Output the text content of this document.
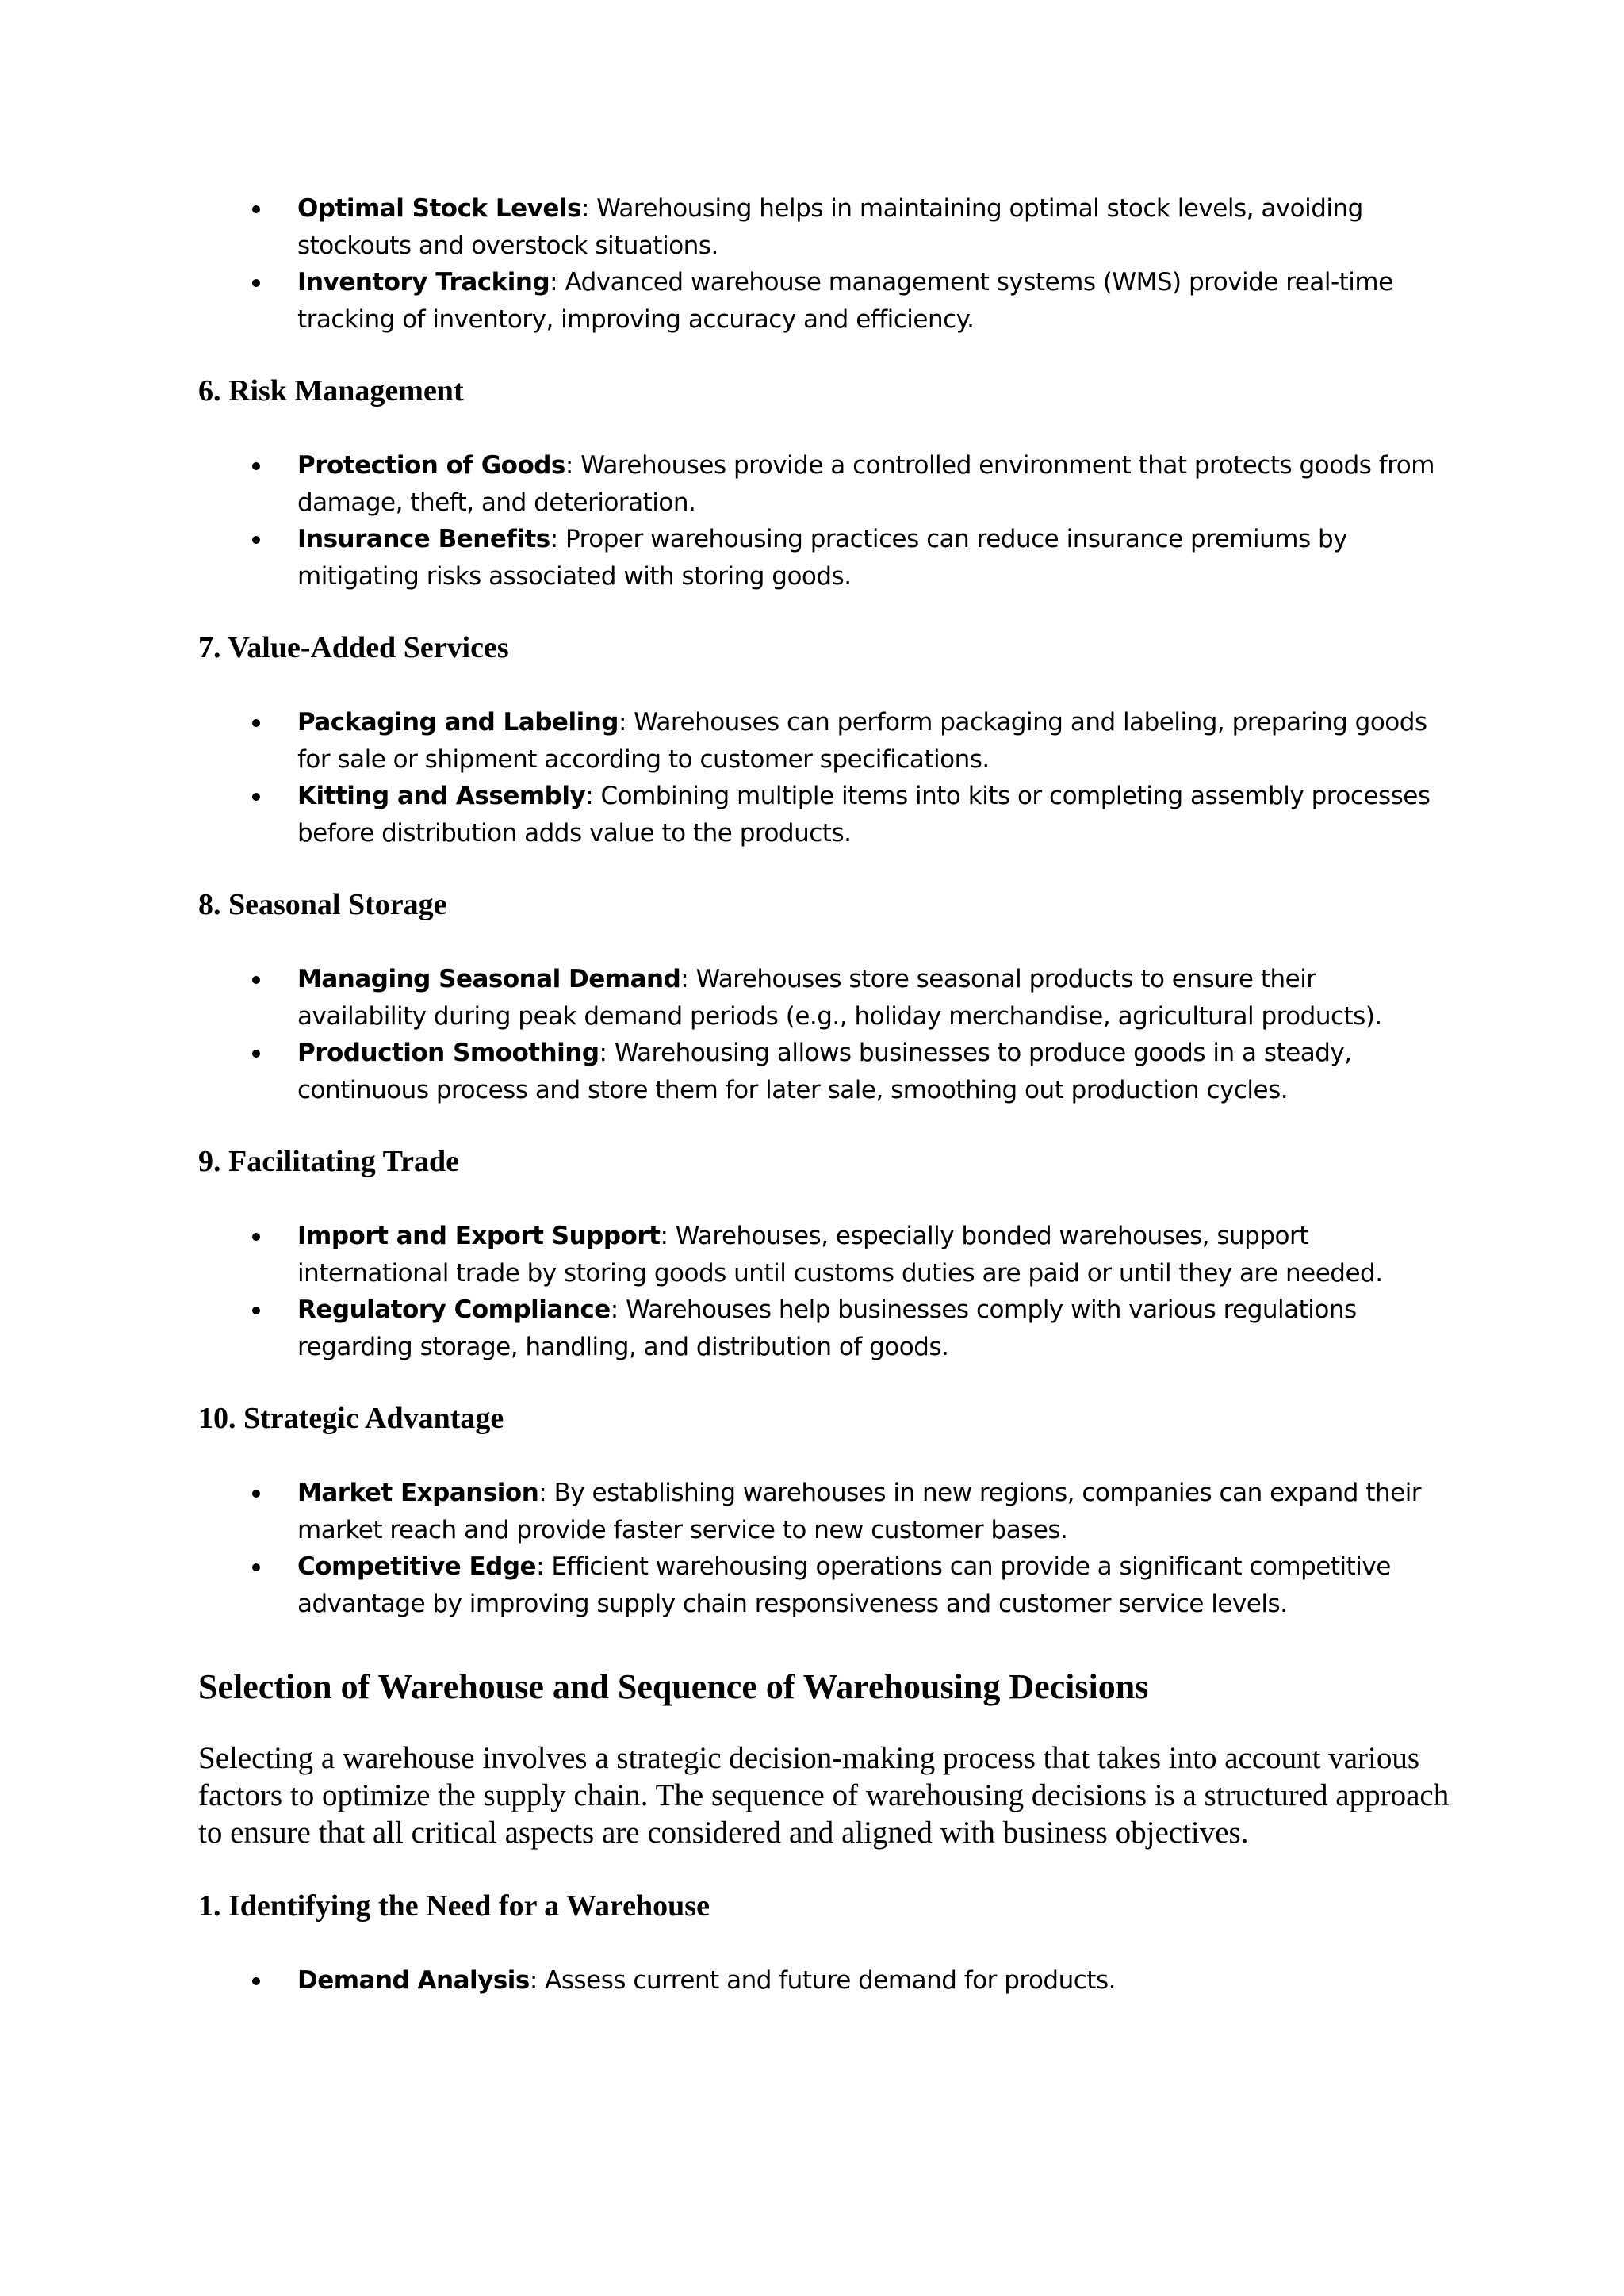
Optimal Stock Levels: Warehousing helps in maintaining optimal stock levels, avoiding stockouts and overstock situations.
Inventory Tracking: Advanced warehouse management systems (WMS) provide real-time tracking of inventory, improving accuracy and efficiency.
6. Risk Management
Protection of Goods: Warehouses provide a controlled environment that protects goods from damage, theft, and deterioration.
Insurance Benefits: Proper warehousing practices can reduce insurance premiums by mitigating risks associated with storing goods.
7. Value-Added Services
Packaging and Labeling: Warehouses can perform packaging and labeling, preparing goods for sale or shipment according to customer specifications.
Kitting and Assembly: Combining multiple items into kits or completing assembly processes before distribution adds value to the products.
8. Seasonal Storage
Managing Seasonal Demand: Warehouses store seasonal products to ensure their availability during peak demand periods (e.g., holiday merchandise, agricultural products).
Production Smoothing: Warehousing allows businesses to produce goods in a steady, continuous process and store them for later sale, smoothing out production cycles.
9. Facilitating Trade
Import and Export Support: Warehouses, especially bonded warehouses, support international trade by storing goods until customs duties are paid or until they are needed.
Regulatory Compliance: Warehouses help businesses comply with various regulations regarding storage, handling, and distribution of goods.
10. Strategic Advantage
Market Expansion: By establishing warehouses in new regions, companies can expand their market reach and provide faster service to new customer bases.
Competitive Edge: Efficient warehousing operations can provide a significant competitive advantage by improving supply chain responsiveness and customer service levels.
Selection of Warehouse and Sequence of Warehousing Decisions

Selecting a warehouse involves a strategic decision-making process that takes into account various factors to optimize the supply chain. The sequence of warehousing decisions is a structured approach to ensure that all critical aspects are considered and aligned with business objectives.

1. Identifying the Need for a Warehouse
Demand Analysis: Assess current and future demand for products.
